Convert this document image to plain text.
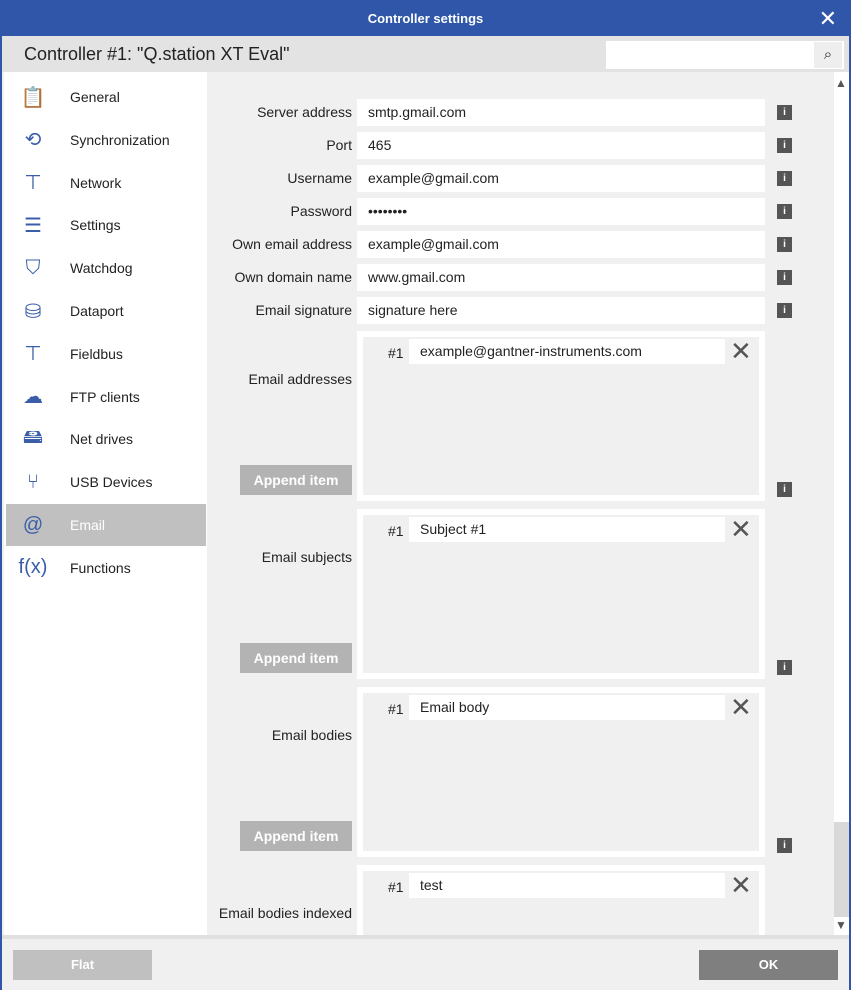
Controller settings	✕
Controller #1: "Q.station XT Eval"	⌕
📋	General
⟲	Synchronization
⊤	Network
☰	Settings
⛉	Watchdog
⛁	Dataport
⊤	Fieldbus
☁	FTP clients
🖴	Net drives
⑂	USB Devices
@	Email
f(x)	Functions
Server address	smtp.gmail.com	i
Port	465	i
Username	example@gmail.com	i
Password	••••••••	i
Own email address	example@gmail.com	i
Own domain name	www.gmail.com	i
Email signature	signature here	i
Email addresses
#1	example@gantner-instruments.com	✕
Append item
i
Email subjects
#1	Subject #1	✕
Append item
i
Email bodies
#1	Email body	✕
Append item
i
Email bodies indexed
#1	test	✕
▲
▼
Flat	OK
